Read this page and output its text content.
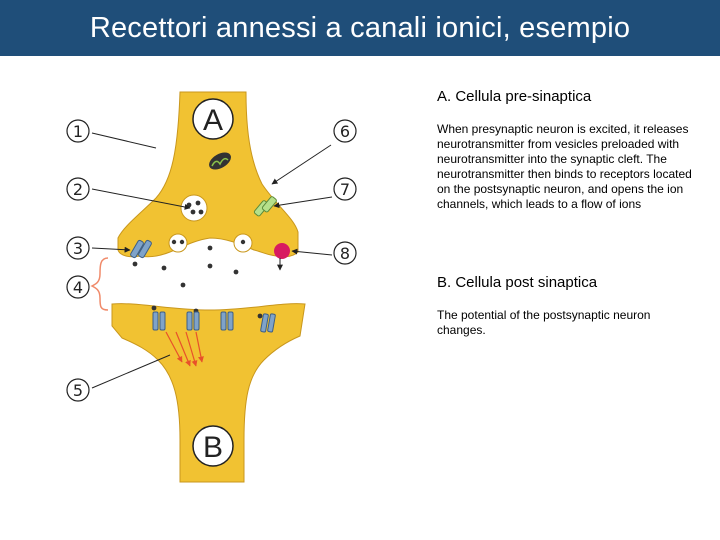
Recettori annessi a canali ionici, esempio
A
B
1
2
3
4
5
6
7
8

A. Cellula pre-sinaptica

When presynaptic neuron is excited, it releases neurotransmitter from vesicles preloaded with neurotransmitter into the synaptic cleft. The neurotransmitter then binds to receptors located on the postsynaptic neuron, and opens the ion channels, which leads to a flow of ions

B. Cellula post sinaptica

The potential of the postsynaptic neuron changes.
